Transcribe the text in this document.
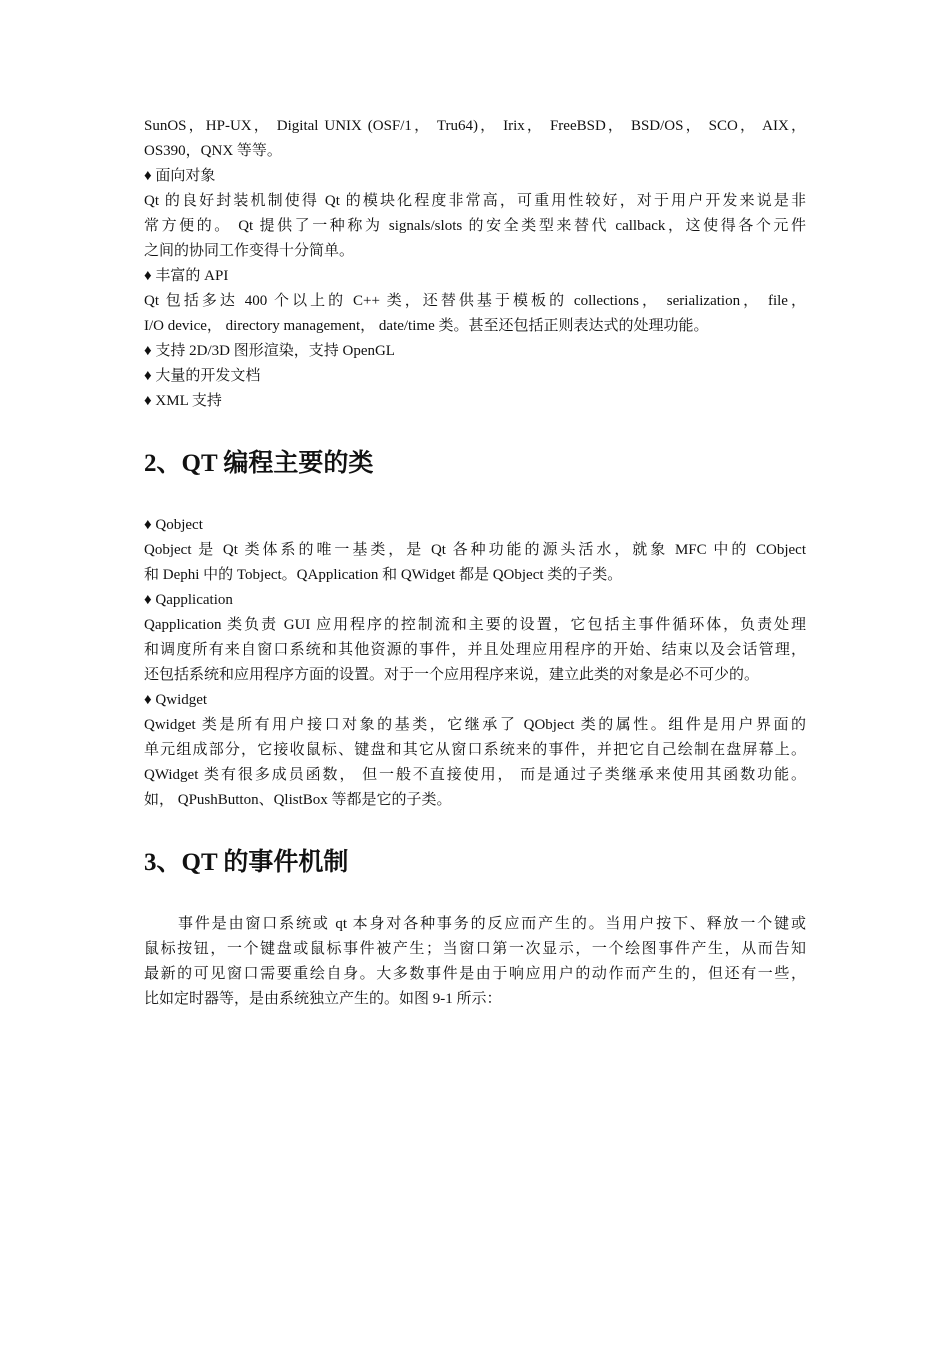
SunOS，HP-UX， Digital UNIX (OSF/1， Tru64)， Irix， FreeBSD， BSD/OS， SCO， AIX，
OS390，QNX 等等。
♦ 面向对象
Qt 的良好封装机制使得 Qt 的模块化程度非常高，可重用性较好，对于用户开发来说是非
常方便的。 Qt 提供了一种称为 signals/slots 的安全类型来替代 callback，这使得各个元件
之间的协同工作变得十分简单。
♦ 丰富的 API
Qt 包括多达 400 个以上的 C++ 类，还替供基于模板的 collections， serialization， file，
I/O device， directory management， date/time 类。甚至还包括正则表达式的处理功能。
♦ 支持 2D/3D 图形渲染，支持 OpenGL
♦ 大量的开发文档
♦ XML 支持
2、QT 编程主要的类
♦ Qobject
Qobject 是 Qt 类体系的唯一基类，是 Qt 各种功能的源头活水，就象 MFC 中的 CObject
和 Dephi 中的 Tobject。QApplication 和 QWidget 都是 QObject 类的子类。
♦ Qapplication
Qapplication 类负责 GUI 应用程序的控制流和主要的设置，它包括主事件循环体，负责处理
和调度所有来自窗口系统和其他资源的事件，并且处理应用程序的开始、结束以及会话管理，
还包括系统和应用程序方面的设置。对于一个应用程序来说，建立此类的对象是必不可少的。
♦ Qwidget
Qwidget 类是所有用户接口对象的基类，它继承了 QObject 类的属性。组件是用户界面的
单元组成部分，它接收鼠标、键盘和其它从窗口系统来的事件，并把它自己绘制在盘屏幕上。
QWidget 类有很多成员函数， 但一般不直接使用， 而是通过子类继承来使用其函数功能。
如， QPushButton、QlistBox 等都是它的子类。
3、QT 的事件机制
事件是由窗口系统或 qt 本身对各种事务的反应而产生的。当用户按下、释放一个键或
鼠标按钮，一个键盘或鼠标事件被产生；当窗口第一次显示，一个绘图事件产生，从而告知
最新的可见窗口需要重绘自身。大多数事件是由于响应用户的动作而产生的，但还有一些，
比如定时器等，是由系统独立产生的。如图 9-1 所示：
